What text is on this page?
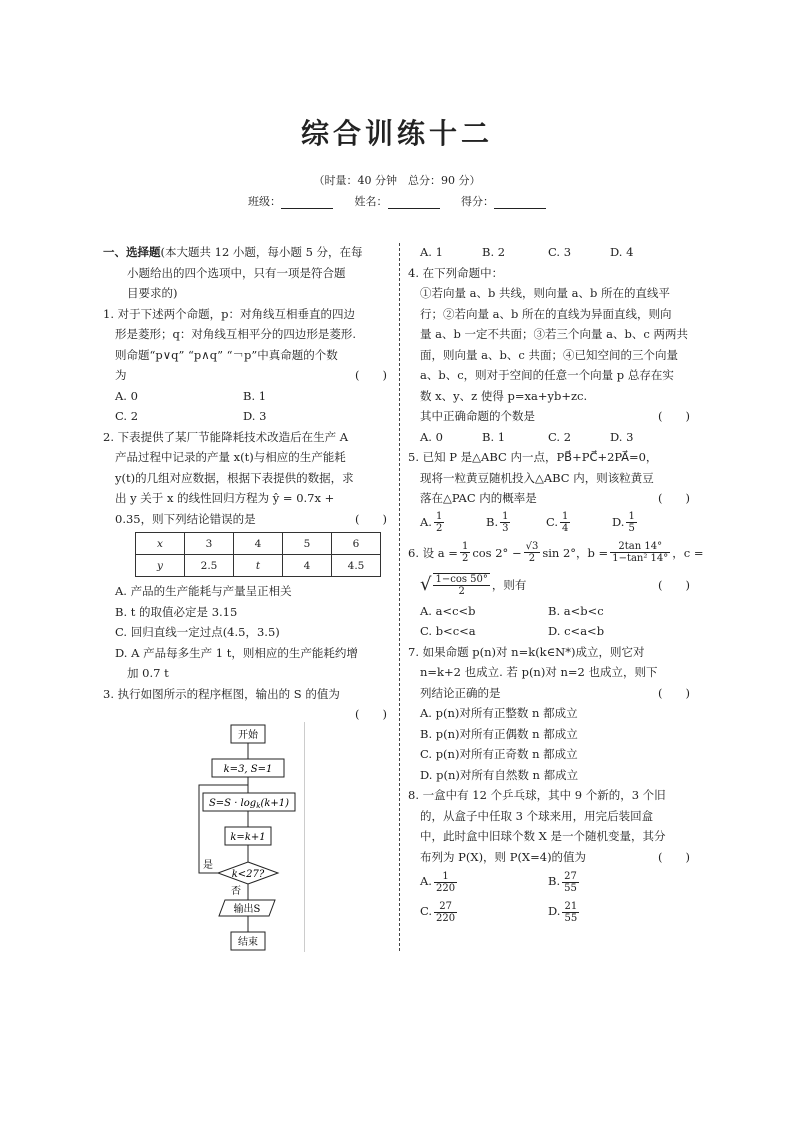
综合训练十二
（时量：40 分钟　总分：90 分）
班级：	姓名：	得分：
一、选择题(本大题共 12 小题，每小题 5 分，在每
小题给出的四个选项中，只有一项是符合题
目要求的)
1. 对于下述两个命题，p：对角线互相垂直的四边
形是菱形；q：对角线互相平分的四边形是菱形.
则命题“p∨q” “p∧q” “￢p”中真命题的个数
为	(　　)
A. 0	B. 1
C. 2	D. 3
2. 下表提供了某厂节能降耗技术改造后在生产 A
产品过程中记录的产量 x(t)与相应的生产能耗
y(t)的几组对应数据，根据下表提供的数据，求
出 y 关于 x 的线性回归方程为 ŷ = 0.7x +
0.35，则下列结论错误的是	(　　)
x	3	4	5	6
y	2.5	t	4	4.5
A. 产品的生产能耗与产量呈正相关
B. t 的取值必定是 3.15
C. 回归直线一定过点(4.5，3.5)
D. A 产品每多生产 1 t，则相应的生产能耗约增
加 0.7 t
3. 执行如图所示的程序框图，输出的 S 的值为
(　　)
开始
k=3, S=1
$S=S \cdot \log_k(k+1)$
k=k+1
k<27?
是
否
输出S
结束
A. 1	B. 2	C. 3	D. 4
4. 在下列命题中：
①若向量 a、b 共线，则向量 a、b 所在的直线平
行；②若向量 a、b 所在的直线为异面直线，则向
量 a、b 一定不共面；③若三个向量 a、b、c 两两共
面，则向量 a、b、c 共面；④已知空间的三个向量
a、b、c，则对于空间的任意一个向量 p 总存在实
数 x、y、z 使得 p=xa+yb+zc.
其中正确命题的个数是	(　　)
A. 0	B. 1	C. 2	D. 3
5. 已知 P 是△ABC 内一点，PB⃗+PC⃗+2PA⃗=0，
现将一粒黄豆随机投入△ABC 内，则该粒黄豆
落在△PAC 内的概率是	(　　)
A. $\frac{1}{2}$	B. $\frac{1}{3}$	C. $\frac{1}{4}$	D. $\frac{1}{5}$
6. 设 $a = \frac{1}{2}$ $\cos 2^\circ - \frac{√3}{2}$ sin 2°，$b = \frac{2\tan 14^\circ}{\text{1−tan² 14°}}$ ，c =
√ $\frac{1-\cos 50^\circ}{2}$ ，则有	(　　)
A. a<c<b	B. a<b<c
C. b<c<a	D. c<a<b
7. 如果命题 p(n)对 n=k(k∈N*)成立，则它对
n=k+2 也成立. 若 p(n)对 n=2 也成立，则下
列结论正确的是	(　　)
A. p(n)对所有正整数 n 都成立
B. p(n)对所有正偶数 n 都成立
C. p(n)对所有正奇数 n 都成立
D. p(n)对所有自然数 n 都成立
8. 一盒中有 12 个乒乓球，其中 9 个新的，3 个旧
的，从盒子中任取 3 个球来用，用完后装回盒
中，此时盒中旧球个数 X 是一个随机变量，其分
布列为 P(X)，则 P(X=4)的值为	(　　)
A. $\frac{1}{220}$	B. $\frac{27}{55}$
C. $\frac{27}{220}$	D. $\frac{21}{55}$
